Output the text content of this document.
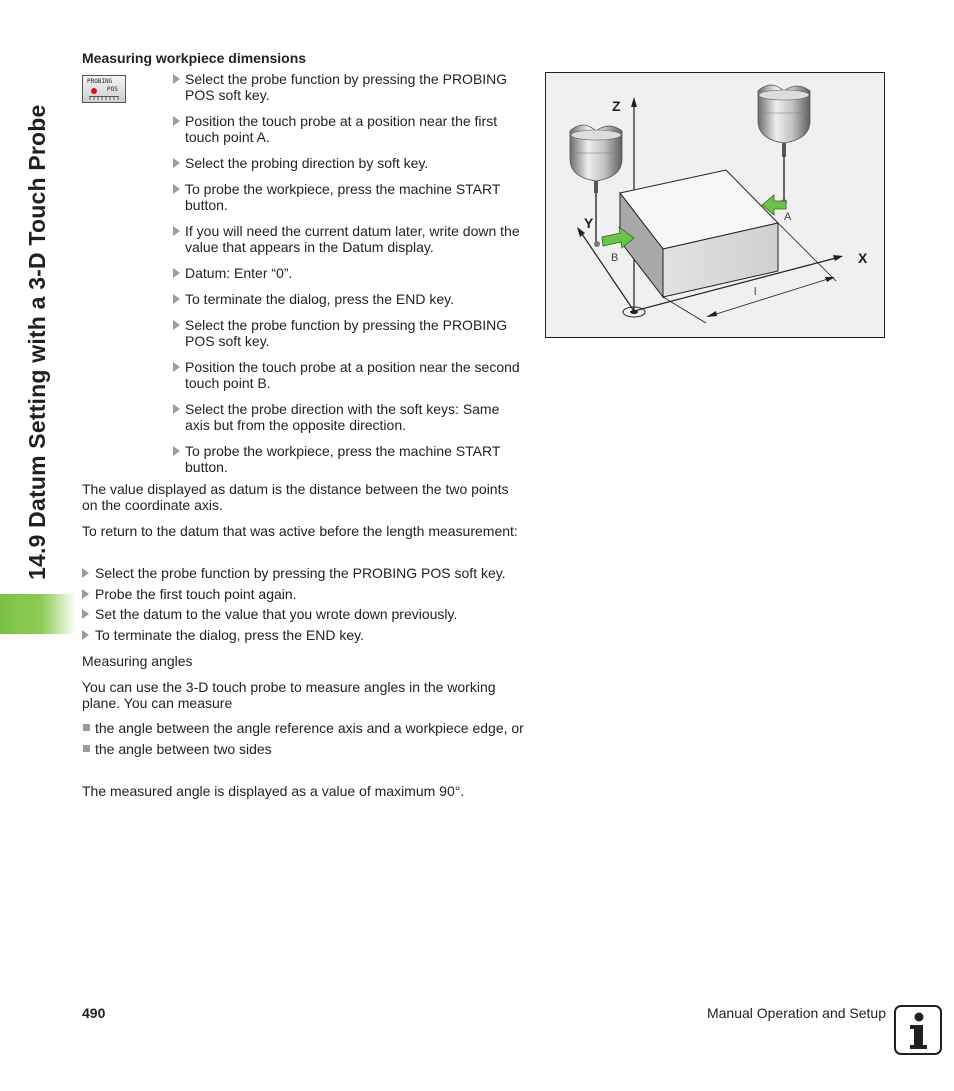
14.9 Datum Setting with a 3-D Touch Probe
Measuring workpiece dimensions
PROBING
POS
Select the probe function by pressing the PROBING POS soft key.
Position the touch probe at a position near the first touch point A.
Select the probing direction by soft key.
To probe the workpiece, press the machine START button.
If you will need the current datum later, write down the value that appears in the Datum display.
Datum: Enter “0”.
To terminate the dialog, press the END key.
Select the probe function by pressing the PROBING POS soft key.
Position the touch probe at a position near the second touch point B.
Select the probe direction with the soft keys: Same axis but from the opposite direction.
To probe the workpiece, press the machine START button.
The value displayed as datum is the distance between the two points on the coordinate axis.
To return to the datum that was active before the length measurement:
Select the probe function by pressing the PROBING POS soft key.
Probe the first touch point again.
Set the datum to the value that you wrote down previously.
To terminate the dialog, press the END key.
Measuring angles
You can use the 3-D touch probe to measure angles in the working plane. You can measure
the angle between the angle reference axis and a workpiece edge, or
the angle between two sides
The measured angle is displayed as a value of maximum 90°.
Z
Y
X
A
B
l
490	Manual Operation and Setup
